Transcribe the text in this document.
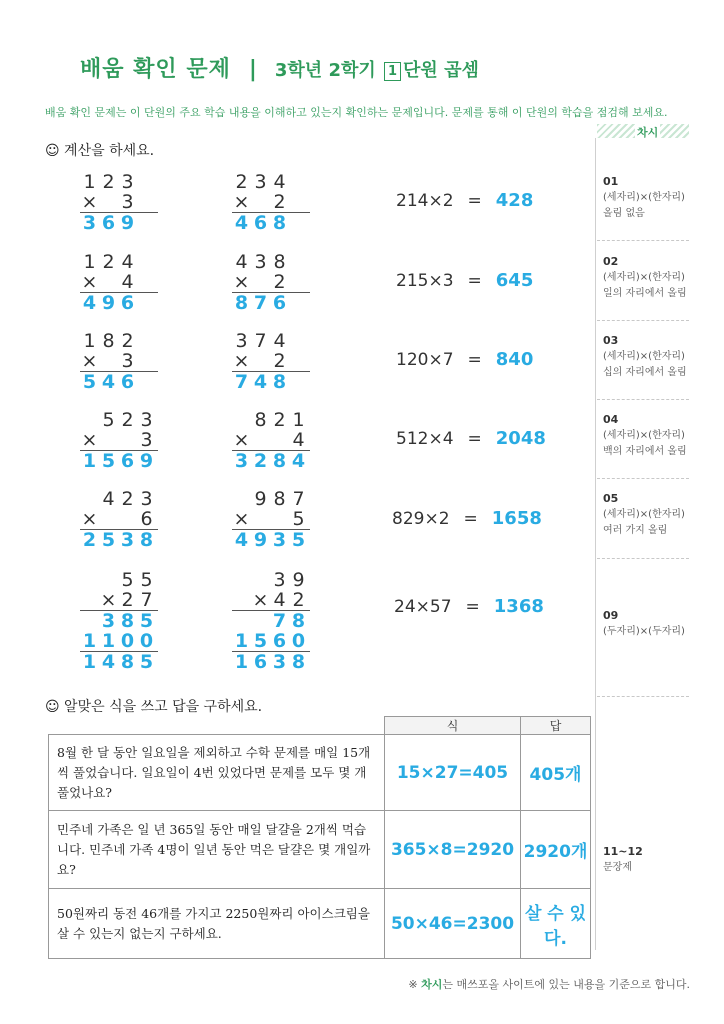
배움 확인 문제 | 3학년 2학기 1 단원 곱셈
배움 확인 문제는 이 단원의 주요 학습 내용을 이해하고 있는지 확인하는 문제입니다. 문제를 통해 이 단원의 학습을 점검해 보세요.
차시
01
(세자리)×(한자리)
올림 없음
02
(세자리)×(한자리)
일의 자리에서 올림
03
(세자리)×(한자리)
십의 자리에서 올림
04
(세자리)×(한자리)
백의 자리에서 올림
05
(세자리)×(한자리)
여러 가지 올림
09
(두자리)×(두자리)
11~12
문장제
☺ 계산을 하세요.
1 2 3
× 3
3 6 9
2 3 4
× 2
4 6 8
214×2 = 428
1 2 4
× 4
4 9 6
4 3 8
× 2
8 7 6
215×3 = 645
1 8 2
× 3
5 4 6
3 7 4
× 2
7 4 8
120×7 = 840
5 2 3
× 3
1 5 6 9
8 2 1
× 4
3 2 8 4
512×4 = 2048
4 2 3
× 6
2 5 3 8
9 8 7
× 5
4 9 3 5
829×2 = 1658
5 5
× 2 7
3 8 5
1 1 0 0
1 4 8 5
3 9
× 4 2
7 8
1 5 6 0
1 6 3 8
24×57 = 1368
☺ 알맞은 식을 쓰고 답을 구하세요.
	식	답
8월 한 달 동안 일요일을 제외하고 수학 문제를 매일 15개씩 풀었습니다. 일요일이 4번 있었다면 문제를 모두 몇 개 풀었나요?	15×27=405	405개
민주네 가족은 일 년 365일 동안 매일 달걀을 2개씩 먹습니다. 민주네 가족 4명이 일년 동안 먹은 달걀은 몇 개일까요?	365×8=2920	2920개
50원짜리 동전 46개를 가지고 2250원짜리 아이스크림을 살 수 있는지 없는지 구하세요.	50×46=2300	살 수 있다.
※ 차시는 매쓰포올 사이트에 있는 내용을 기준으로 합니다.
